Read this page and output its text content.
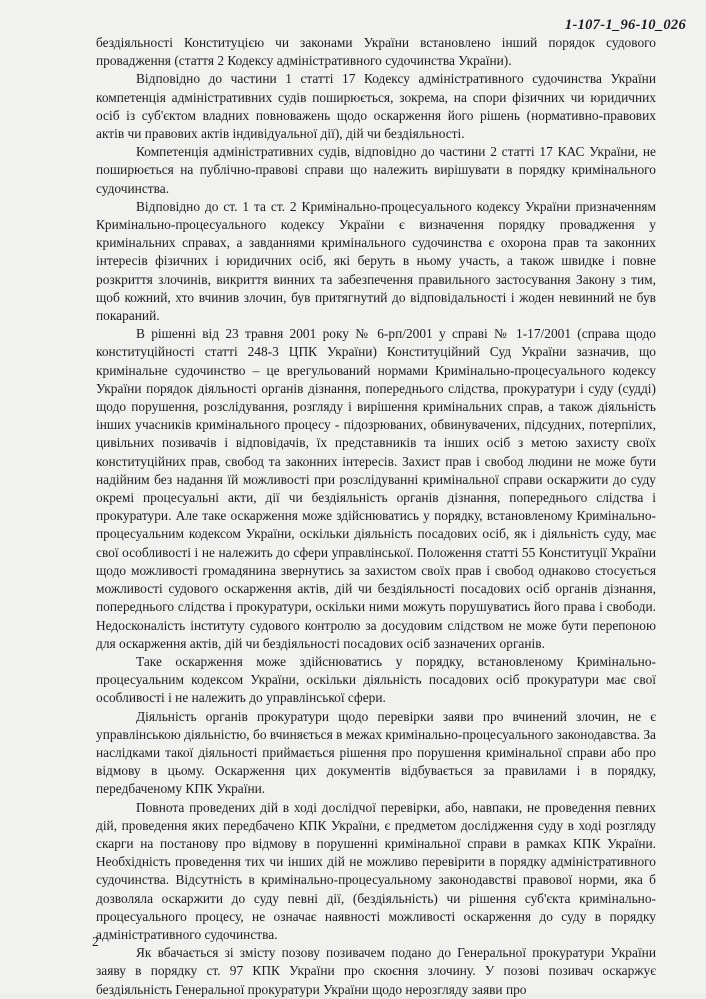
1-107-1_96-10_026

бездіяльності Конституцією чи законами України встановлено інший порядок судового провадження (стаття 2 Кодексу адміністративного судочинства України).

Відповідно до частини 1 статті 17 Кодексу адміністративного судочинства України компетенція адміністративних судів поширюється, зокрема, на спори фізичних чи юридичних осіб із суб'єктом владних повноважень щодо оскарження його рішень (нормативно-правових актів чи правових актів індивідуальної дії), дій чи бездіяльності.

Компетенція адміністративних судів, відповідно до частини 2 статті 17 КАС України, не поширюється на публічно-правові справи що належить вирішувати в порядку кримінального судочинства.

Відповідно до ст. 1 та ст. 2 Кримінально-процесуального кодексу України призначенням Кримінально-процесуального кодексу України є визначення порядку провадження у кримінальних справах, а завданнями кримінального судочинства є охорона прав та законних інтересів фізичних і юридичних осіб, які беруть в ньому участь, а також швидке і повне розкриття злочинів, викриття винних та забезпечення правильного застосування Закону з тим, щоб кожний, хто вчинив злочин, був притягнутий до відповідальності і жоден невинний не був покараний.

В рішенні від 23 травня 2001 року № 6-рп/2001 у справі № 1-17/2001 (справа щодо конституційності статті 248-3 ЦПК України) Конституційний Суд України зазначив, що кримінальне судочинство – це врегульований нормами Кримінально-процесуального кодексу України порядок діяльності органів дізнання, попереднього слідства, прокуратури і суду (судді) щодо порушення, розслідування, розгляду і вирішення кримінальних справ, а також діяльність інших учасників кримінального процесу - підозрюваних, обвинувачених, підсудних, потерпілих, цивільних позивачів і відповідачів, їх представників та інших осіб з метою захисту своїх конституційних прав, свобод та законних інтересів. Захист прав і свобод людини не може бути надійним без надання їй можливості при розслідуванні кримінальної справи оскаржити до суду окремі процесуальні акти, дії чи бездіяльність органів дізнання, попереднього слідства і прокуратури. Але таке оскарження може здійснюватись у порядку, встановленому Кримінально-процесуальним кодексом України, оскільки діяльність посадових осіб, як і діяльність суду, має свої особливості і не належить до сфери управлінської. Положення статті 55 Конституції України щодо можливості громадянина звернутись за захистом своїх прав і свобод однаково стосується можливості судового оскарження актів, дій чи бездіяльності посадових осіб органів дізнання, попереднього слідства і прокуратури, оскільки ними можуть порушуватись його права і свободи. Недосконалість інституту судового контролю за досудовим слідством не може бути перепоною для оскарження актів, дій чи бездіяльності посадових осіб зазначених органів.

Таке оскарження може здійснюватись у порядку, встановленому Кримінально-процесуальним кодексом України, оскільки діяльність посадових осіб прокуратури має свої особливості і не належить до управлінської сфери.

Діяльність органів прокуратури щодо перевірки заяви про вчинений злочин, не є управлінською діяльністю, бо вчиняється в межах кримінально-процесуального законодавства. За наслідками такої діяльності приймається рішення про порушення кримінальної справи або про відмову в цьому. Оскарження цих документів відбувається за правилами і в порядку, передбаченому КПК України.

Повнота проведених дій в ході дослідчої перевірки, або, навпаки, не проведення певних дій, проведення яких передбачено КПК України, є предметом дослідження суду в ході розгляду скарги на постанову про відмову в порушенні кримінальної справи в рамках КПК України. Необхідність проведення тих чи інших дій не можливо перевірити в порядку адміністративного судочинства. Відсутність в кримінально-процесуальному законодавстві правової норми, яка б дозволяла оскаржити до суду певні дії, (бездіяльність) чи рішення суб'єкта кримінально-процесуального процесу, не означає наявності можливості оскарження до суду в порядку адміністративного судочинства.

Як вбачається зі змісту позову позивачем подано до Генеральної прокуратури України заяву в порядку ст. 97 КПК України про скоєння злочину. У позові позивач оскаржує бездіяльність Генеральної прокуратури України щодо нерозгляду заяви про

2
